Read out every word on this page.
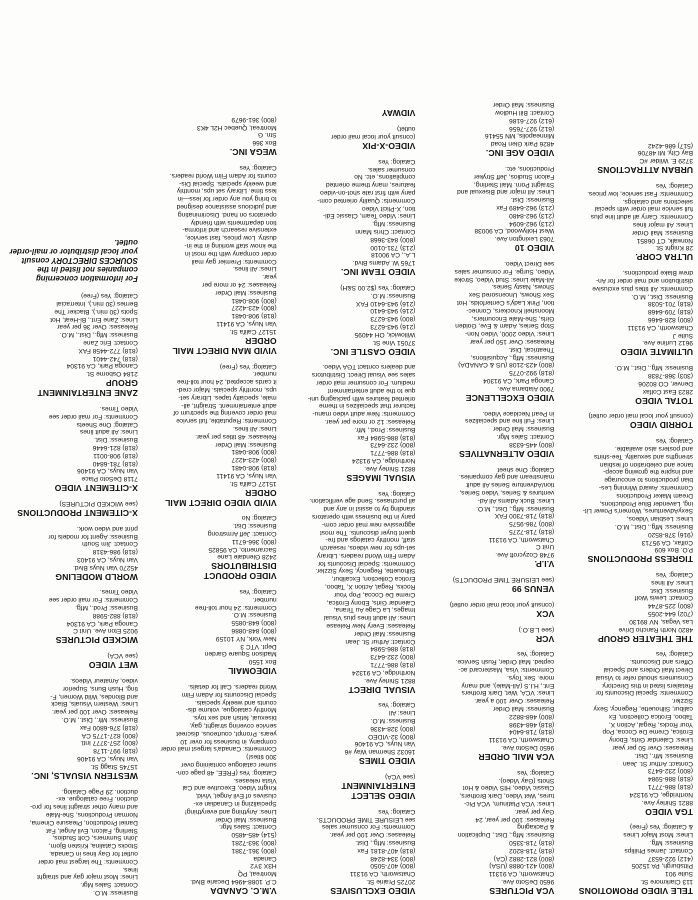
TELE VIDEO PROMOTIONS

113 Clarkmore St.

Suite 901

Pittsburgh, PA 15205

(412) 922-6537

Contact: James Phillips

Business: Mfg.

Lines: Most Major Lines

& Catalog: Yes (Free)

TGA VIDEO

8821 Shirley Ave.

Northridge, CA 91324

(818) 886-7771

(818) 886-5984

(800) 232-6473

Contact: Arthur St. Jean

Business: Mfr., Dist.

Releases: Over 50 per year

Lines: Calendar Girls, Ebony

Erotica, Creme De Cocoa, Pop

Your Rocks, Regal, Action X,

Taboo, Erotica Collection, Ex

calibur, Silhouette, Regency, Sexy

Sizzler.

Comments: Special Discounts for

Retailers listed in this Directory.

Consumers should refer to Visual

Direct Mail Orders and Special

Offers and Discounts.

Catalog: Yes

THE THEATER GROUP

4820 North Rancho Drive

Las Vegas, NV 89130

(702) 644-2055

(800) 225-8744

Contact: Lewis Wolf

Business: Dist.

Lines: All lines

Catalog: Yes

TIGRESS PRODUCTIONS

P.O. Box 609

Colfax, CA 95713

(916) 378-8520

Business: Mfg., Dist., M.O.

Lines: Lesbian Videos,

SexyAdventures, Women's Power Lit-

ing, Lavender Blue Productions,

Dream Maker Productions

Comments: Award Winning Les-

bian productions to encourage

and inspire the growing accep-

tance and celebration of lesbian

strengths and sexuality. Tee-shirts

and posters also available.

Catalog: Yes

TORRID VIDEO

(consult your local mail order outlet)

TOTAL VIDEO

2823 East Colfax

Denver, CO 80206

(303) 368-7838

Business: Mfg., Dist., M.O.

ULTIMATE VIDEO

9612 Lurline Ave.

Suite J

Chatsworth, CA 91311

(800) 828-6466

(818) 709-6468

(818) 701-5038

Business: Dist., M.O.

Comments: All titles plus exclusive

distribution and mail order for An-

drew Blake productions.

ULTRA CORP.

28 Knight St.

Norwalk, CT 06851

Business: Mail Order

Lines: All major lines

Comments: Carry all adult line plus

full service mail order with special

selections and catalogs.

Comments: Fast service, low prices.

Catalog: Yes

URBAN ATTRACTIONS

3729 E. Wilder #C

Bay City, MI 48706

(517) 686-4242

VCA PICTURES

9650 DeSoto Ave.

Chatsworth, CA 91311

(800) 421-0888 (USA)

(800) 821-2882 (CA)

(818) 718-8202

(818) 718-3350

Business: Mfg., Dist., Duplication

& Packaging

Releases: 100 per year, 24

Gay per year.

Lines: VCA Platinum, VCA Pic-

tures, Wet Video, Dark Brothers,

Classic Video, HIS Video & Hot

Shots (Gay Video).

Catalog: Yes

VCA MAIL ORDER

9650 DeSoto Ave.

Chatsworth, CA 91311

(818) 718-6404

(818) 468-4398

(800) 468-8822

Business: Mail Order

Releases: Over 100 a year.

Lines: VCA, Wet, Dark Brothers

Ent., H.I.S (All-Male), and many

more. Sex Toys.

Comments: Visa, Mastercard ac-

cepted. Mail Order, Rush Service.

Catalog: Yes

VCR

(see L.B.O.)

VCX

(consult your local mail order outlet)

VENUS 99

(see LEISURE TIME PRODUCTS)

V.I.P.

9748 Cozycroft Ave.

Unit C

Chatsworth, CA 91311

(818) 718-7275

(800) 786-9575

(818) 718-7300 FAX

Business: Mfg., Dist., M.O.

Lines: Buck Adams All Ad-

ventures & Series, Video Series,

tion/Adventure Series All adult

mainstream and gay companies.

Catalog: One sheet

VIDEO ALTERNATIVES

(800) 445-6338

Contact: Sales Mgr.

Business: Mail Order

Lines: Full line and specializes

in Pearl Necklace Video.

VIDEO EXCELLENCE

7900 Alabama Ave.

Canoga Park, CA 91304

(818) 992-0775

(800) 423-2108 (US & CANADA)

Business: Mfg., Acquisitions,

Theatrical, Dist.

Releases: Over 150 per year

Lines: Video 2000, Video Non-

Stop Series, Adam & Eve, Golden

Girls, She-Male Encounters,

Moonshell Knockers, Connec-

tion, Pink Lady's Centerfolds, Hot

Sex Shows, Uncensored Sex

Shows, Nasty Series.

All-Male Lines: Stud Video, Stroke

Video, Surge. For consumer sales

see Direct Video.

VIDEO 10

7063 Lexington Ave.

West Hollywood, CA 90038

(213) 962-6094

(213) 962-8480

(213) 962-6489 Fax

Business: Dist.

Lines: All major and Bisexual and

Straight Porn. Mail Sterling,

Falcon Studios, Jeff Stryker

Productions, etc.

VIDEO AGE INC.

4826 Park Glen Road

Minneapolis, MN 55416

(612) 927-7656

(612) 927-6186

Contact: Bill Hudlow

Business: Mail Order

VIDEO EXCLUSIVES

20725 Prairie St.

Chatsworth, CA 91311

(800) 407-5050

(800) 334-8248

(818) 407-8181 Fax

Business: Mfg., Dist.

Releases: Over 100 per year.

Comments: For consumer sales

see LEISURE TIME PRODUCTS.

Catalog: Yes

VIDEO SELECT ENTERTAINMENT

(see VCA)

VIDEO TIMES

16032 Sherman Way #6

Van Nuys, CA 91406

(800) 32-VIDEO

(800) 328-4336

Business: M.O.

Lines: All

Catalog: Yes

VISUAL DIRECT

8821 Shirley Ave.

Northridge, CA 91324

(818) 886-7771

(800) 232-6473

(818) 886-5984

Contact: Arthur St. Jean

Business: Mail Order

Releases: Every New Release

Lines: All adult lines plus Visual

Images, La Cage Au Tirana,

Calendar Girls, Ebony Erotica,

Creme De Cocoa, Pop Your

Rocks, Regal, Action X, Taboo,

Erotica Collection, Excalibur,

Silhouette, Regency, Sexy Sizzler.

Comments: Special Discounts for

Adam Film World readers. Library

set-ups for new videos, research

staff, monthly catalogs and fre-

quent buyer discounts. The most

aggressive new mail order com-

pany in the business with operators

standing by to assist in any and

all purchases. Send age verification.

Catalog: Yes

VISUAL IMAGES

8821 Shirley Ave.

Northridge, CA 91324

(818) 886-7771

(800) 232-6473

(818) 886-5984 Fax

Business: Prod., Mfr.

Releases: 12 or more per year.

Comments: New adult video manu-

facturer that specializes in theme

oriented features with packaging uni-

que to the adult entertainment

medium. For consumer mail order

sales see Visual Direct. Distributors

and dealers contact TGA Video.

VIDEO CASTLE INC.

37051 Vine St.

Willowick, OH 44095

(216) 943-6273

(800) 943-6273

(216) 943-6410

(216) 943-6410 FAX

Business: M.O.

Catalog: Yes ($2.00 S&H)

VIDEO TEAM INC.

1765 W. Adams Blvd.

L.A., CA 90018

(213) 731-0100

(800) 843-3668

Contact: Chris Mann

Business: Mfg.

Lines: Video Team, Classic Edi-

tion, X-Plicit Video

Comments: Quality oriented com-

pany with first rate shot-on-video

features, many theme oriented

compilations, etc. No

consumer sales.

Catalog: Yes

VIDEO-X-PIX

(consult your local mail order

outlet)

VIDWAY
V.M.C. CANADA

C.P. 1088-4964 Decarie Blvd.

Montreal, PQ

H3X 3Y2

Canada

(800) 361-7381

(800) 363-7281

(514) 485-4850

Contact: Sales Mgr.

Business: Mail Order

Lines: Anything and everything!

Specializing in Canadian ex-

clusives of Evil Angel, Vivid,

Knight Video, Executive and Cal

Vista releases.

Catalog: Yes (FREE, 48 page con-

sumer catalogue containing over

300 titles!)

Comments: Canada's largest mail order

company, in business for over 10

years. Prompt, courteous, discreet

service covering straight, gay,

bisexual, fetish and sex toys.

Monthly catalogue, volume dis-

counts and weekly specials.

Special Discounts for Adam Film

World readers. Call for details.

VIDEOMAIL

Box 1550

Madison Square Garden

Dept. VTC 3

New York, NY 10159

(800) 848-0886

(800) 648-0855

Business: M.O.

Comments: 24 hour toll-free

number.

Catalog: Yes

VIDEO PRODUCT DISTRIBUTORS

2428 Glendale Lane

Sacramento, CA 95825

(800) 366-6711

Contact: Jeff Armstrong

Business: Dist.

Catalog: No

VIVID VIDEO DIRECT MAIL ORDER

15127 Califa St.

Van Nuys, CA 91411

(818) 908-0481

(800) 423-4227

(800) 908-0481

Business: Mail Order

Releases: 48 titles per year.

Lines: All lines.

Comments: Reputable, full service

mail order covering the spectrum of

adult entertainment. Straight, all-

male, specialty tapes. Library set-

ups, monthly specials. Major cred-

it cards accepted, 24 hour toll-free

number.

Catalog: Yes (Free)

VIVID MAN DIRECT MAIL ORDER

15127 Califa St.

Van Nuys, CA 91411

(818) 908-0481

(800) 423-4227

(800) 908-0481

Business: Mail Order

Releases: 24 or more per

year.

Lines: All lines.

Comments: Premier gay mail

order company with the most in

the know staff working in the in-

dustry. Low prices, fast service,

extensive research and informa-

tion departments with friendly

operators on hand. Discriminating

and judicious assistance designed

to bring you any order for less—in

less time. Library set ups, monthly

and weekly specials. Special Dis-

counts for Adam Film World readers.

Catalog: Yes

WEGA INC.

Box 366

Stn. G

Montreal, Quebec H2L 4K3

(800) 361-9679

Business: M.O.

Contact: Sales Mgr.

Lines: Most major gay and straight

lines.

Comments: The largest mail order

outlet for Gay lines in Canada.

Stocks Catalina, Kristen Bjorn,

John Summers, Colt Studios,

Sterling, Falcon, Evil Angel, Fat

Daniel Production, Pleasure Cinema,

Norman Productions, She-Male

and many other straight lines for pro-

duction. Free catalogue. ex-

duction. 29 Page Catalog.

WESTERN VISUALS, INC.

15745 Stagg St.

Van Nuys, CA 91406

(818) 997-1178

(800) 257-3777 Intl.

(800) 827-1775 CA

(818) 376-6800 Fax

Business: Mfr., Dist., M.O.

Releases: Over 100 per year.

Lines: Western Visuals, Black

and Blondes, Wild Women, F-

ting, Hush Buns, Superior

video, Amateur Videos.

WET VIDEO

(see VCA)

WICKED PICTURES

9025 Eton Ave. Unit C

Canoga Park, CA 91304

(818) 882-5988

Business: Prod., Mfg.

Comments: For mail order see

Video Times.

WORLD MODELING

45270 Van Nuys Blvd.

Van Nuys, CA 91403

(818) 986-4318

Contact: Jim South

Business: Agent for models for

print and video work.

X-CITEMENT PRODUCTIONS

(see WICKED PICTURES)

X-CITEMENT VIDEO

7118 DeSoto Place

Van Nuys, CA 91406

(818) 781-6840

(818) 908-0011

(818) 821-6446

Business: Dist.

Lines: All adult lines

Catalog: One Sheets

Comments: For mail order see

Video Times.

ZANE ENTERTAINMENT GROUP

2184 Osborne St.

Canoga Park, CA 91304

(818) 742-4401

(818) 772-4458 FAX

Contact: Eric Zane

Business: Mfg., Dist., M.O.

Releases: Over 36 per year

Lines: Zane Ent., Bi-Heat, Hot

Spots (30 min.), Blacker The

Berries (30 min.), Interracial

Catalog: Yes (Free)

For information concerning companies not listed in the SOURCES DIRECTORY consult your local distributor or mail-order outlet.
